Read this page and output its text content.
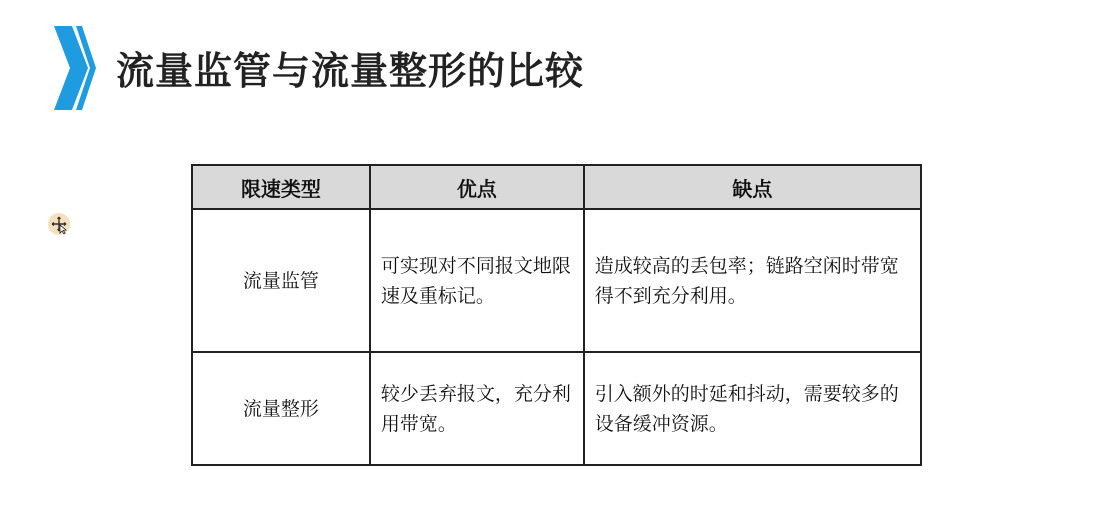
流量监管与流量整形的比较
限速类型	优点	缺点
流量监管	可实现对不同报文地限速及重标记。	造成较高的丢包率；链路空闲时带宽得不到充分利用。
流量整形	较少丢弃报文，充分利用带宽。	引入额外的时延和抖动，需要较多的设备缓冲资源。
